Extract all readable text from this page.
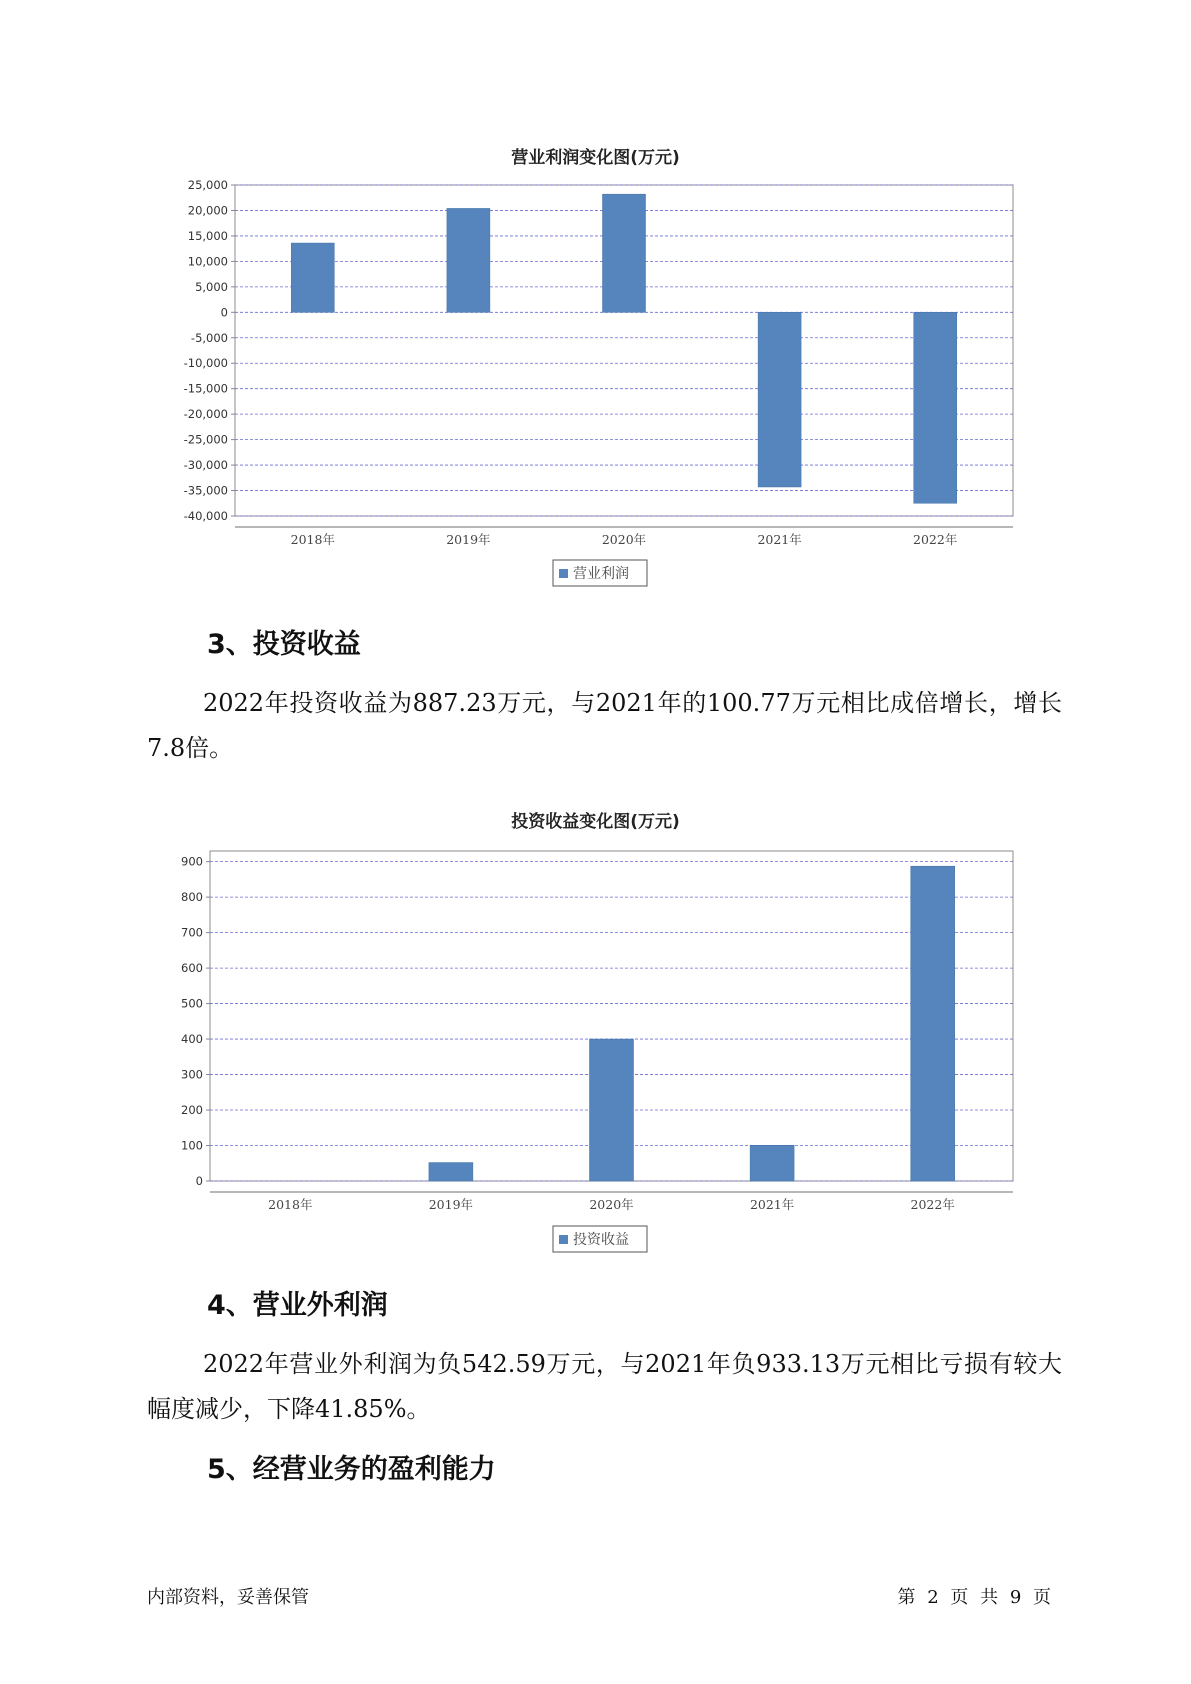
营业利润变化图(万元)
25,000
20,000
15,000
10,000
5,000
0
-5,000
-10,000
-15,000
-20,000
-25,000
-30,000
-35,000
-40,000
2018年	2019年	2020年	2021年	2022年
营业利润
3、投资收益
2022年投资收益为887.23万元，与2021年的100.77万元相比成倍增长，增长7.8倍。
投资收益变化图(万元)
900
800
700
600
500
400
300
200
100
0
2018年	2019年	2020年	2021年	2022年
投资收益
4、营业外利润
2022年营业外利润为负542.59万元，与2021年负933.13万元相比亏损有较大幅度减少，下降41.85%。
5、经营业务的盈利能力
内部资料，妥善保管	第 2 页 共 9 页
